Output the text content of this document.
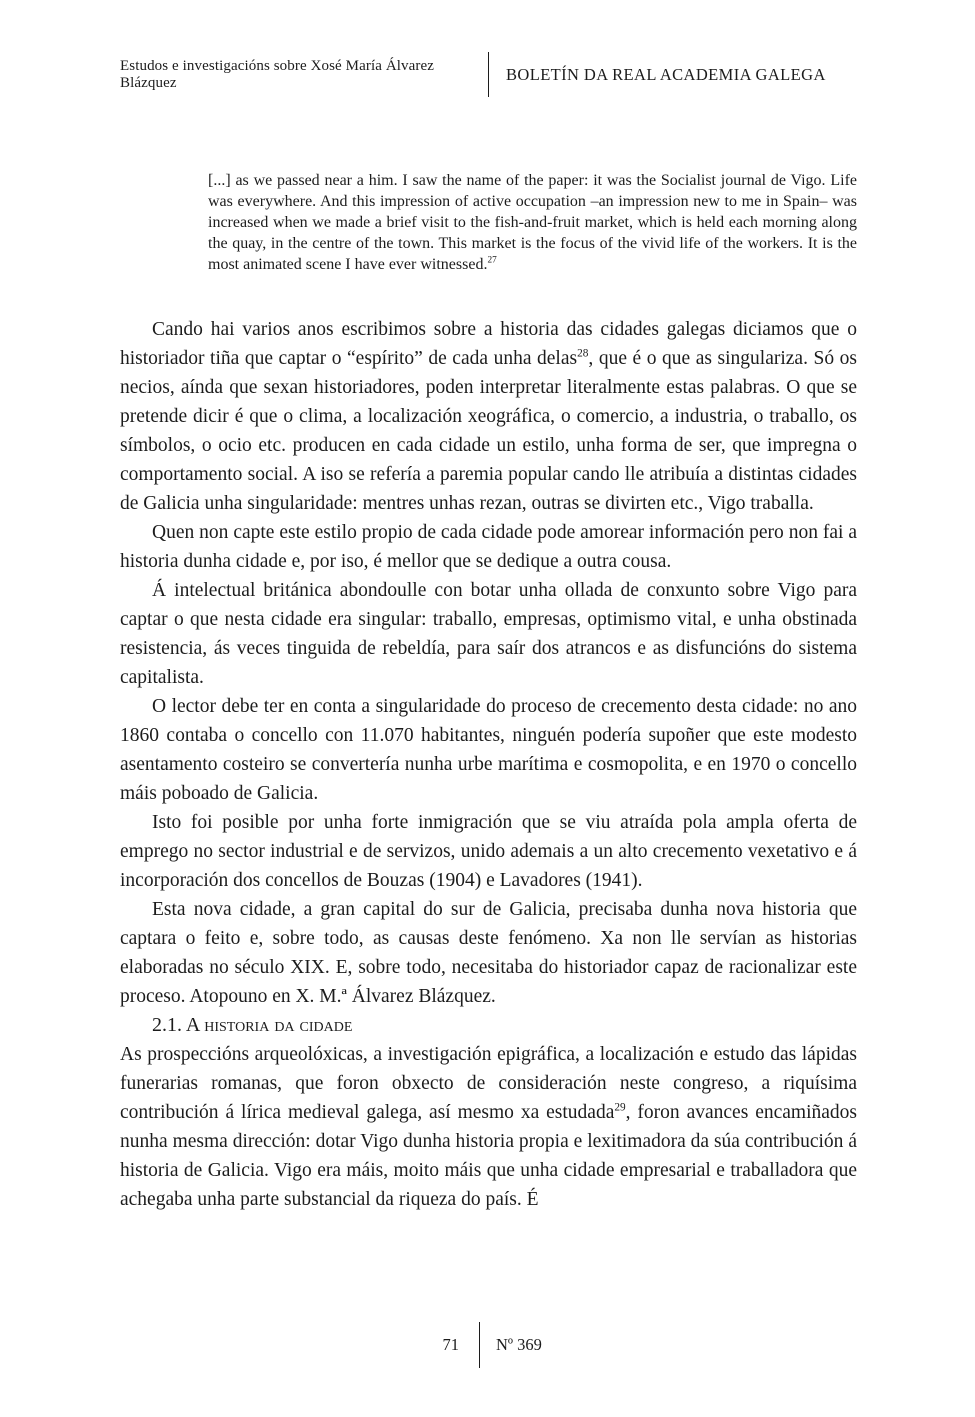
Estudos e investigacións sobre Xosé María Álvarez Blázquez	BOLETÍN DA REAL ACADEMIA GALEGA
[...] as we passed near a him. I saw the name of the paper: it was the Socialist journal de Vigo. Life was everywhere. And this impression of active occupation –an impression new to me in Spain– was increased when we made a brief visit to the fish-and-fruit market, which is held each morning along the quay, in the centre of the town. This market is the focus of the vivid life of the workers. It is the most animated scene I have ever witnessed.$^{27}$

Cando hai varios anos escribimos sobre a historia das cidades galegas diciamos que o historiador tiña que captar o “espírito” de cada unha delas$^{28}$, que é o que as singulariza. Só os necios, aínda que sexan historiadores, poden interpretar literalmente estas palabras. O que se pretende dicir é que o clima, a localización xeográfica, o comercio, a industria, o traballo, os símbolos, o ocio etc. producen en cada cidade un estilo, unha forma de ser, que impregna o comportamento social. A iso se refería a paremia popular cando lle atribuía a distintas cidades de Galicia unha singularidade: mentres unhas rezan, outras se divirten etc., Vigo traballa.

Quen non capte este estilo propio de cada cidade pode amorear información pero non fai a historia dunha cidade e, por iso, é mellor que se dedique a outra cousa.

Á intelectual británica abondoulle con botar unha ollada de conxunto sobre Vigo para captar o que nesta cidade era singular: traballo, empresas, optimismo vital, e unha obstinada resistencia, ás veces tinguida de rebeldía, para saír dos atrancos e as disfuncións do sistema capitalista.

O lector debe ter en conta a singularidade do proceso de crecemento desta cidade: no ano 1860 contaba o concello con 11.070 habitantes, ninguén podería supoñer que este modesto asentamento costeiro se convertería nunha urbe marítima e cosmopolita, e en 1970 o concello máis poboado de Galicia.

Isto foi posible por unha forte inmigración que se viu atraída pola ampla oferta de emprego no sector industrial e de servizos, unido ademais a un alto crecemento vexetativo e á incorporación dos concellos de Bouzas (1904) e Lavadores (1941).

Esta nova cidade, a gran capital do sur de Galicia, precisaba dunha nova historia que captara o feito e, sobre todo, as causas deste fenómeno. Xa non lle servían as historias elaboradas no século XIX. E, sobre todo, necesitaba do historiador capaz de racionalizar este proceso. Atopouno en X. M.ª Álvarez Blázquez.

2.1. A historia da cidade

As prospeccións arqueolóxicas, a investigación epigráfica, a localización e estudo das lápidas funerarias romanas, que foron obxecto de consideración neste congreso, a riquísima contribución á lírica medieval galega, así mesmo xa estudada$^{29}$, foron avances encamiñados nunha mesma dirección: dotar Vigo dunha historia propia e lexitimadora da súa contribución á historia de Galicia. Vigo era máis, moito máis que unha cidade empresarial e traballadora que achegaba unha parte substancial da riqueza do país. É

71	Nº 369
